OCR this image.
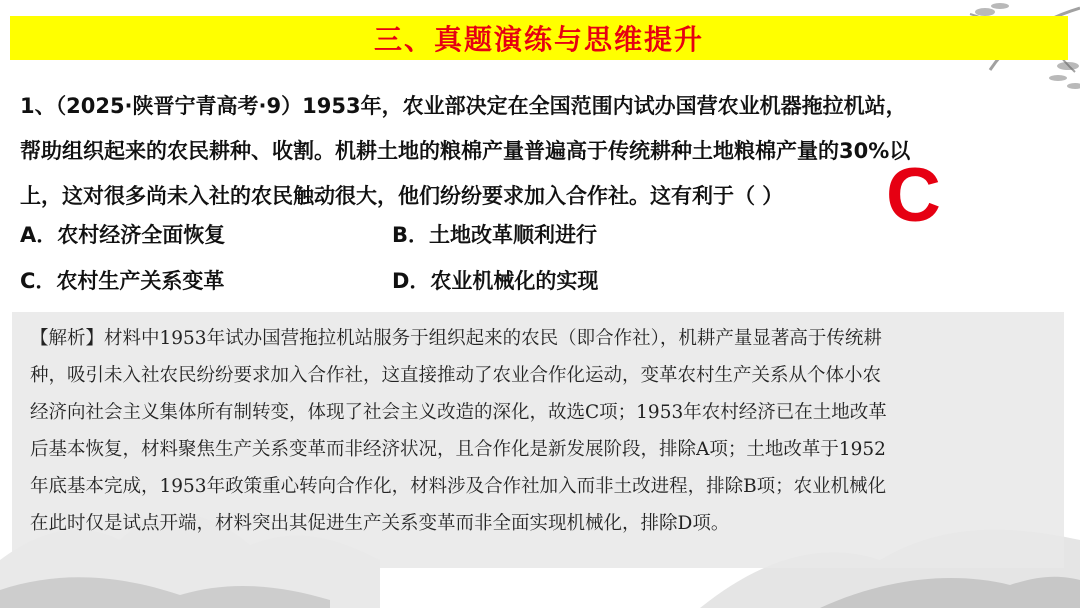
三、真题演练与思维提升
1、（2025·陕晋宁青高考·9）1953年，农业部决定在全国范围内试办国营农业机器拖拉机站，
帮助组织起来的农民耕种、收割。机耕土地的粮棉产量普遍高于传统耕种土地粮棉产量的30%以
上，这对很多尚未入社的农民触动很大，他们纷纷要求加入合作社。这有利于（ ）	C
A．农村经济全面恢复	B．土地改革顺利进行
C．农村生产关系变革	D．农业机械化的实现
【解析】材料中1953年试办国营拖拉机站服务于组织起来的农民（即合作社），机耕产量显著高于传统耕
种，吸引未入社农民纷纷要求加入合作社，这直接推动了农业合作化运动，变革农村生产关系从个体小农
经济向社会主义集体所有制转变，体现了社会主义改造的深化，故选C项；1953年农村经济已在土地改革
后基本恢复，材料聚焦生产关系变革而非经济状况，且合作化是新发展阶段，排除A项；土地改革于1952
年底基本完成，1953年政策重心转向合作化，材料涉及合作社加入而非土改进程，排除B项；农业机械化
在此时仅是试点开端，材料突出其促进生产关系变革而非全面实现机械化，排除D项。
